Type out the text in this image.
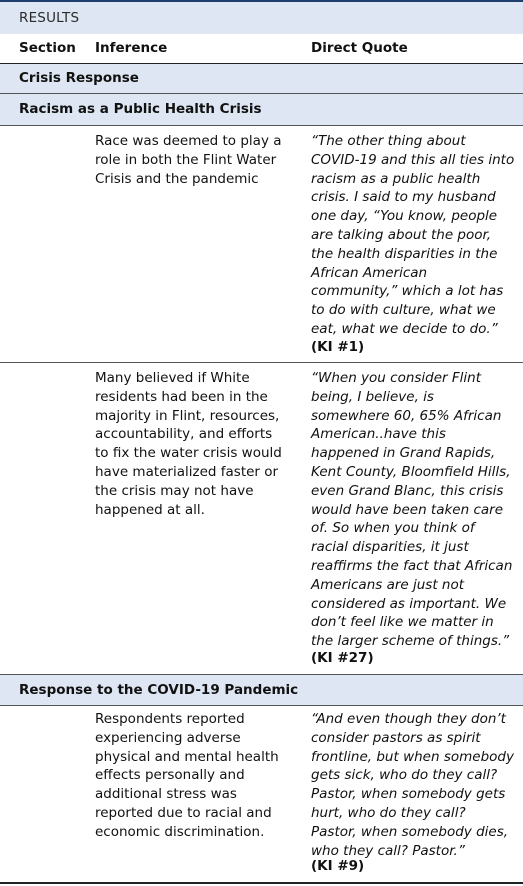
RESULTS
Section Inference	Direct Quote
Crisis Response
Racism as a Public Health Crisis
Race was deemed to play a
role in both the Flint Water
Crisis and the pandemic
“The other thing about
COVID-19 and this all ties into
racism as a public health
crisis. I said to my husband
one day, “You know, people
are talking about the poor,
the health disparities in the
African American
community,” which a lot has
to do with culture, what we
eat, what we decide to do.”
(KI #1)
Many believed if White
residents had been in the
majority in Flint, resources,
accountability, and efforts
to fix the water crisis would
have materialized faster or
the crisis may not have
happened at all.
“When you consider Flint
being, I believe, is
somewhere 60, 65% African
American..have this
happened in Grand Rapids,
Kent County, Bloomfield Hills,
even Grand Blanc, this crisis
would have been taken care
of. So when you think of
racial disparities, it just
reaffirms the fact that African
Americans are just not
considered as important. We
don’t feel like we matter in
the larger scheme of things.”
(KI #27)
Response to the COVID-19 Pandemic
Respondents reported
experiencing adverse
physical and mental health
effects personally and
additional stress was
reported due to racial and
economic discrimination.
“And even though they don’t
consider pastors as spirit
frontline, but when somebody
gets sick, who do they call?
Pastor, when somebody gets
hurt, who do they call?
Pastor, when somebody dies,
who they call? Pastor.”
(KI #9)
